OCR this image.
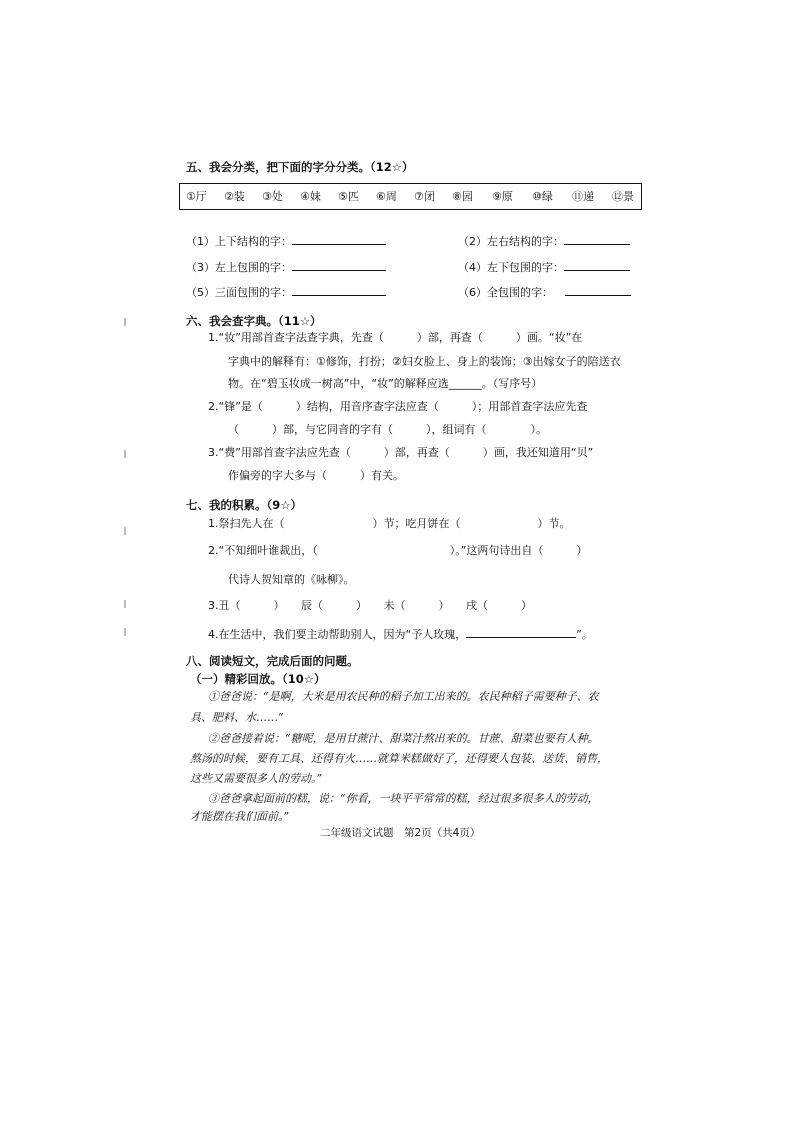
五、我会分类，把下面的字分分类。（12☆）
①厅 ②装 ③处 ④妹 ⑤匹 ⑥周 ⑦闭 ⑧园 ⑨原 ⑩绿 ⑪递 ⑫景
（1）上下结构的字：	（2）左右结构的字：
（3）左上包围的字：	（4）左下包围的字：
（5）三面包围的字：	（6）全包围的字：
六、我会查字典。（11☆）
1.“妆”用部首查字法查字典，先查（　　　）部，再查（　　　）画。“妆”在
字典中的解释有：①修饰，打扮；②妇女脸上、身上的装饰；③出嫁女子的陪送衣
物。在“碧玉妆成一树高”中，“妆”的解释应选______。（写序号）
2.“锋”是（　　　）结构，用音序查字法应查（　　　）；用部首查字法应先查
（　　　）部，与它同音的字有（　　　），组词有（　　　　）。
3.“费”用部首查字法应先查（　　　）部，再查（　　　）画，我还知道用“贝”
作偏旁的字大多与（　　　）有关。
七、我的积累。（9☆）
1.祭扫先人在（　　　　　　　　）节；吃月饼在（　　　　　　　）节。
2.“不知细叶谁裁出，（　　　　　　　　　　　　）。”这两句诗出自（　　　）
代诗人贺知章的《咏柳》。
3.丑（　　　）　　辰（　　　）　　未（　　　）　　戌（　　　）
4.在生活中，我们要主动帮助别人，因为“予人玫瑰，	”。
八、阅读短文，完成后面的问题。
（一）精彩回放。（10☆）
①爸爸说：“是啊，大米是用农民种的稻子加工出来的。农民种稻子需要种子、农
具、肥料、水……”
②爸爸接着说：“糖呢，是用甘蔗汁、甜菜汁熬出来的。甘蔗、甜菜也要有人种。
熬汤的时候，要有工具、还得有火……就算米糕做好了，还得要人包装、送货、销售，
这些又需要很多人的劳动。”
③爸爸拿起面前的糕，说：“你看，一块平平常常的糕，经过很多很多人的劳动，
才能摆在我们面前。”
二年级语文试题　第2页（共4页）
